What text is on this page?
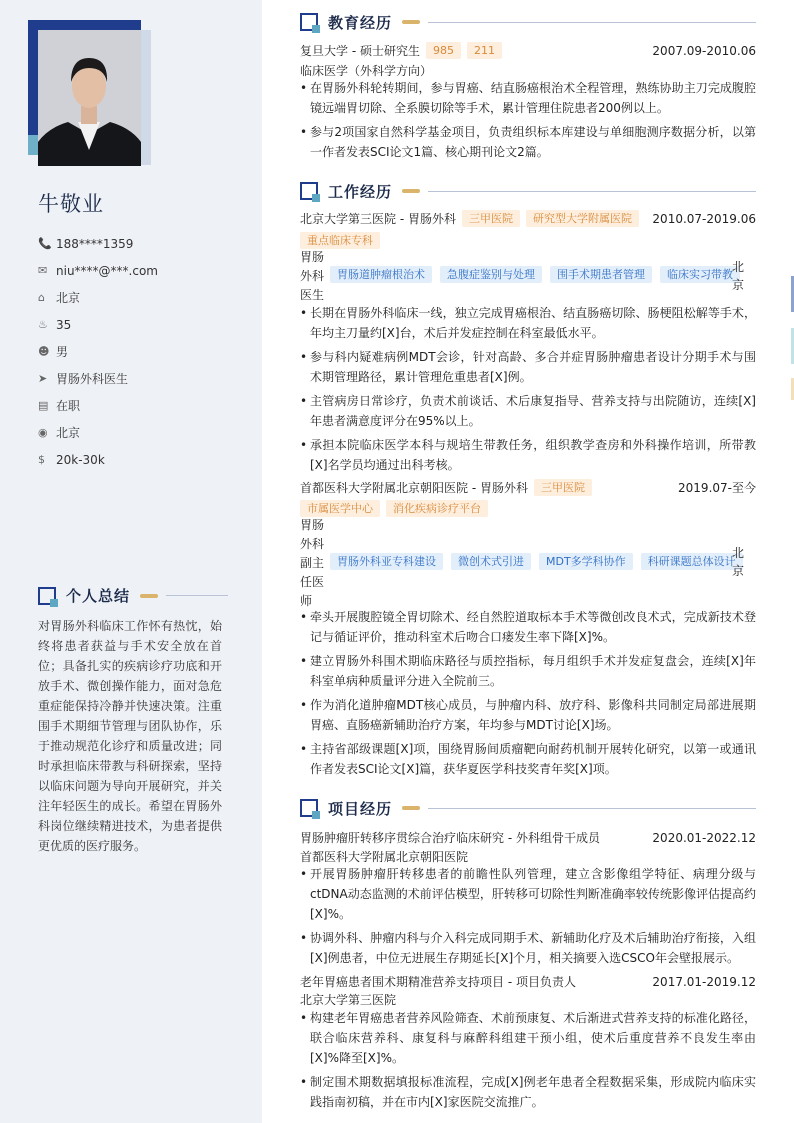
牛敬业
📞 188****1359
✉ niu****@***.com
⌂ 北京
♨ 35
☻ 男
➤ 胃肠外科医生
▤ 在职
◉ 北京
$ 20k-30k
个人总结
对胃肠外科临床工作怀有热忱，始终将患者获益与手术安全放在首位；具备扎实的疾病诊疗功底和开放手术、微创操作能力，面对急危重症能保持冷静并快速决策。注重围手术期细节管理与团队协作，乐于推动规范化诊疗和质量改进；同时承担临床带教与科研探索，坚持以临床问题为导向开展研究，并关注年轻医生的成长。希望在胃肠外科岗位继续精进技术，为患者提供更优质的医疗服务。
教育经历
复旦大学 - 硕士研究生	985	211	2007.09-2010.06
临床医学（外科学方向）
• 在胃肠外科轮转期间，参与胃癌、结直肠癌根治术全程管理，熟练协助主刀完成腹腔镜远端胃切除、全系膜切除等手术，累计管理住院患者200例以上。
• 参与2项国家自然科学基金项目，负责组织标本库建设与单细胞测序数据分析，以第一作者发表SCI论文1篇、核心期刊论文2篇。
工作经历
北京大学第三医院 - 胃肠外科	三甲医院	研究型大学附属医院	2010.07-2019.06
重点临床专科
胃肠外科医生
胃肠道肿瘤根治术	急腹症鉴别与处理	围手术期患者管理	临床实习带教
北京
• 长期在胃肠外科临床一线，独立完成胃癌根治、结直肠癌切除、肠梗阻松解等手术，年均主刀量约[X]台，术后并发症控制在科室最低水平。
• 参与科内疑难病例MDT会诊，针对高龄、多合并症胃肠肿瘤患者设计分期手术与围术期管理路径，累计管理危重患者[X]例。
• 主管病房日常诊疗，负责术前谈话、术后康复指导、营养支持与出院随访，连续[X]年患者满意度评分在95%以上。
• 承担本院临床医学本科与规培生带教任务，组织教学查房和外科操作培训，所带教[X]名学员均通过出科考核。
首都医科大学附属北京朝阳医院 - 胃肠外科	三甲医院	2019.07-至今
市属医学中心	消化疾病诊疗平台
胃肠外科副主任医师
胃肠外科亚专科建设	微创术式引进	MDT多学科协作	科研课题总体设计
北京
• 牵头开展腹腔镜全胃切除术、经自然腔道取标本手术等微创改良术式，完成新技术登记与循证评价，推动科室术后吻合口瘘发生率下降[X]%。
• 建立胃肠外科围术期临床路径与质控指标，每月组织手术并发症复盘会，连续[X]年科室单病种质量评分进入全院前三。
• 作为消化道肿瘤MDT核心成员，与肿瘤内科、放疗科、影像科共同制定局部进展期胃癌、直肠癌新辅助治疗方案，年均参与MDT讨论[X]场。
• 主持省部级课题[X]项，围绕胃肠间质瘤靶向耐药机制开展转化研究，以第一或通讯作者发表SCI论文[X]篇，获华夏医学科技奖青年奖[X]项。
项目经历
胃肠肿瘤肝转移序贯综合治疗临床研究 - 外科组骨干成员	2020.01-2022.12
首都医科大学附属北京朝阳医院
• 开展胃肠肿瘤肝转移患者的前瞻性队列管理，建立含影像组学特征、病理分级与ctDNA动态监测的术前评估模型，肝转移可切除性判断准确率较传统影像评估提高约[X]%。
• 协调外科、肿瘤内科与介入科完成同期手术、新辅助化疗及术后辅助治疗衔接，入组[X]例患者，中位无进展生存期延长[X]个月，相关摘要入选CSCO年会壁报展示。
老年胃癌患者围术期精准营养支持项目 - 项目负责人	2017.01-2019.12
北京大学第三医院
• 构建老年胃癌患者营养风险筛查、术前预康复、术后渐进式营养支持的标准化路径，联合临床营养科、康复科与麻醉科组建干预小组，使术后重度营养不良发生率由[X]%降至[X]%。
• 制定围术期数据填报标准流程，完成[X]例老年患者全程数据采集，形成院内临床实践指南初稿，并在市内[X]家医院交流推广。
